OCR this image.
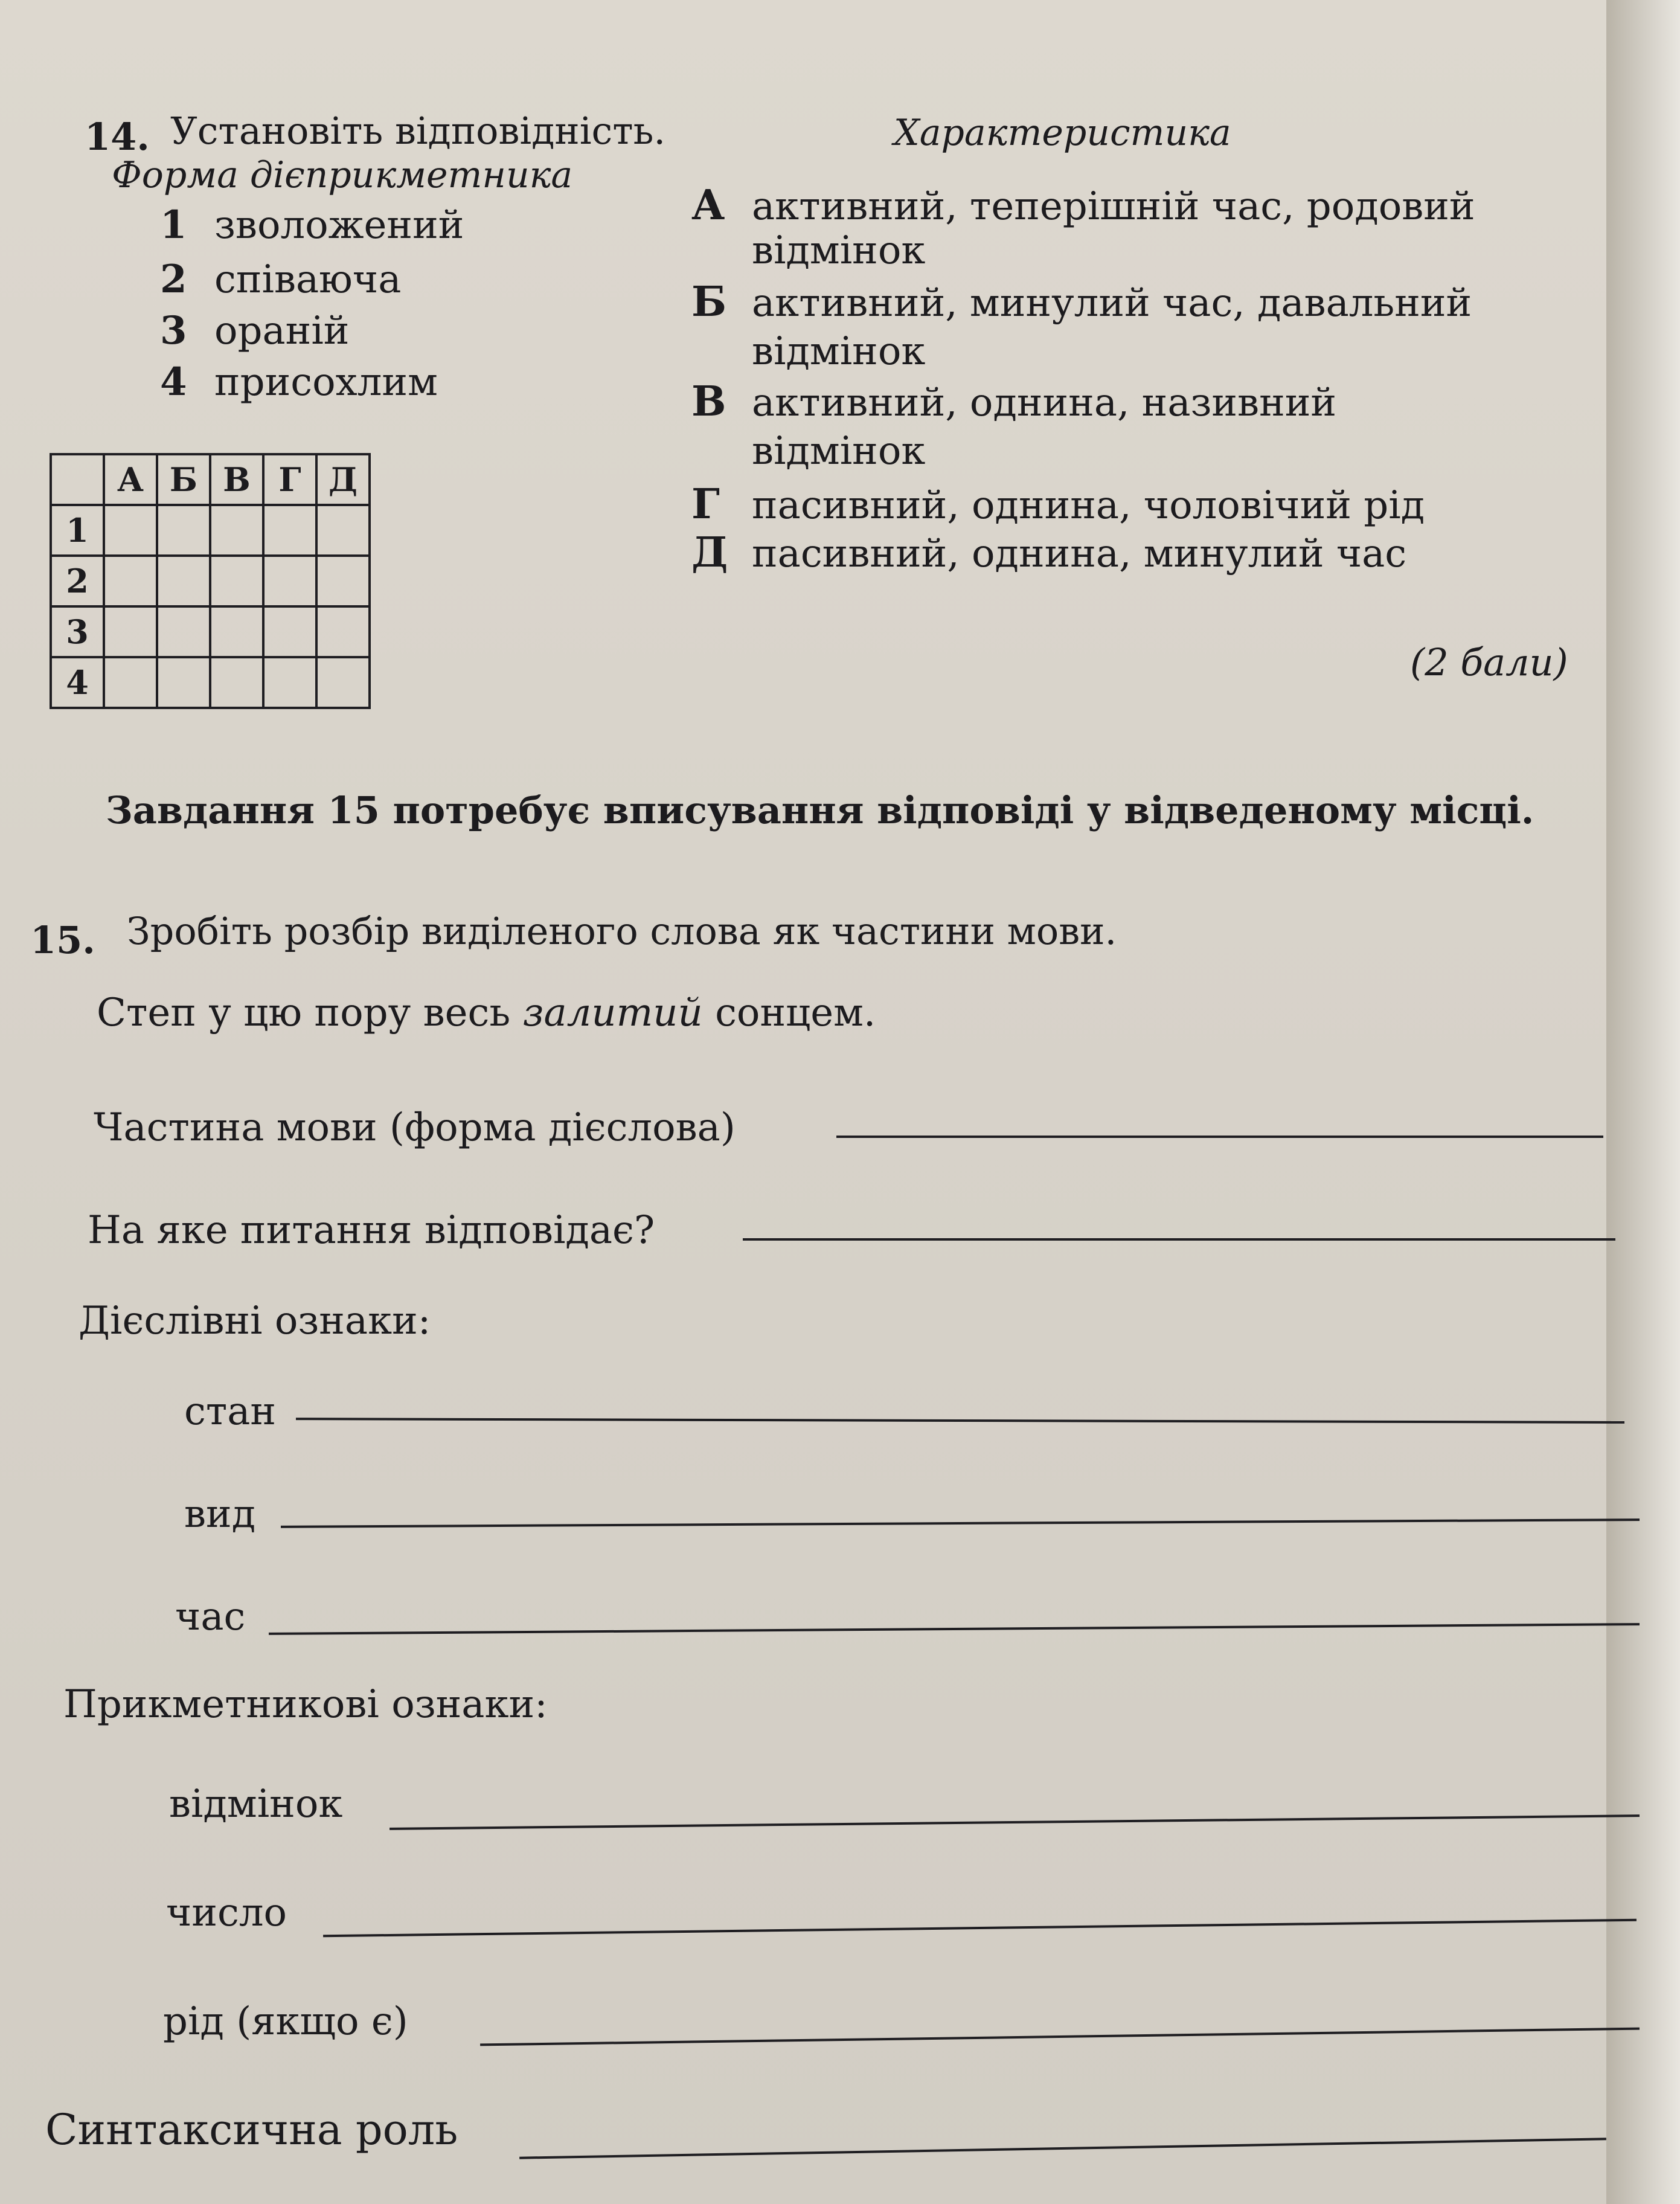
14. Установіть відповідність.
Форма дієприкметника
Характеристика
1 зволожений
2 співаюча
3 ораній
4 присохлим
А активний, теперішній час, родовий
відмінок
Б активний, минулий час, давальний
відмінок
В активний, однина, називний
відмінок
Г пасивний, однина, чоловічий рід
Д пасивний, однина, минулий час
	А	Б	В	Г	Д
1					
2					
3					
4						(2 бали)
Завдання 15 потребує вписування відповіді у відведеному місці.
15. Зробіть розбір виділеного слова як частини мови.
Степ у цю пору весь залитий сонцем.
Частина мови (форма дієслова)
На яке питання відповідає?
Дієслівні ознаки:
стан
вид
час
Прикметникові ознаки:
відмінок
число
рід (якщо є)
Синтаксична роль
